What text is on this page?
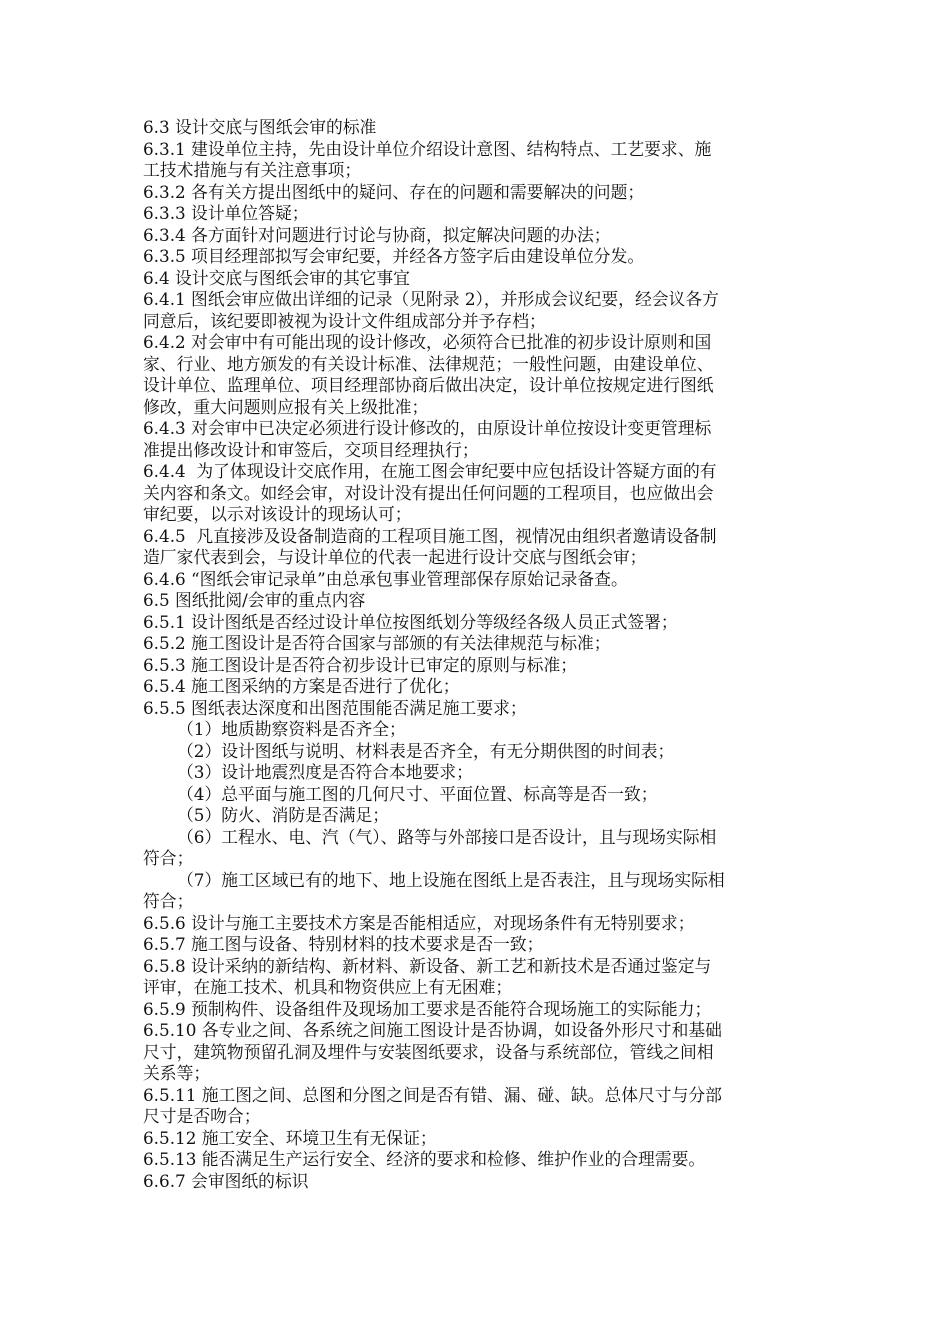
6.3 设计交底与图纸会审的标准
6.3.1 建设单位主持，先由设计单位介绍设计意图、结构特点、工艺要求、施
工技术措施与有关注意事项；
6.3.2 各有关方提出图纸中的疑问、存在的问题和需要解决的问题；
6.3.3 设计单位答疑；
6.3.4 各方面针对问题进行讨论与协商，拟定解决问题的办法；
6.3.5 项目经理部拟写会审纪要，并经各方签字后由建设单位分发。
6.4 设计交底与图纸会审的其它事宜
6.4.1 图纸会审应做出详细的记录（见附录 2），并形成会议纪要，经会议各方
同意后，该纪要即被视为设计文件组成部分并予存档；
6.4.2 对会审中有可能出现的设计修改，必须符合已批准的初步设计原则和国
家、行业、地方颁发的有关设计标准、法律规范；一般性问题，由建设单位、
设计单位、监理单位、项目经理部协商后做出决定，设计单位按规定进行图纸
修改，重大问题则应报有关上级批准；
6.4.3 对会审中已决定必须进行设计修改的，由原设计单位按设计变更管理标
准提出修改设计和审签后，交项目经理执行；
6.4.4  为了体现设计交底作用，在施工图会审纪要中应包括设计答疑方面的有
关内容和条文。如经会审，对设计没有提出任何问题的工程项目，也应做出会
审纪要，以示对该设计的现场认可；
6.4.5  凡直接涉及设备制造商的工程项目施工图，视情况由组织者邀请设备制
造厂家代表到会，与设计单位的代表一起进行设计交底与图纸会审；
6.4.6 “图纸会审记录单”由总承包事业管理部保存原始记录备查。
6.5 图纸批阅/会审的重点内容
6.5.1 设计图纸是否经过设计单位按图纸划分等级经各级人员正式签署；
6.5.2 施工图设计是否符合国家与部颁的有关法律规范与标准；
6.5.3 施工图设计是否符合初步设计已审定的原则与标准；
6.5.4 施工图采纳的方案是否进行了优化；
6.5.5 图纸表达深度和出图范围能否满足施工要求；
（1）地质勘察资料是否齐全；
（2）设计图纸与说明、材料表是否齐全，有无分期供图的时间表；
（3）设计地震烈度是否符合本地要求；
（4）总平面与施工图的几何尺寸、平面位置、标高等是否一致；
（5）防火、消防是否满足；
（6）工程水、电、汽（气）、路等与外部接口是否设计，且与现场实际相
符合；
（7）施工区域已有的地下、地上设施在图纸上是否表注，且与现场实际相
符合；
6.5.6 设计与施工主要技术方案是否能相适应，对现场条件有无特别要求；
6.5.7 施工图与设备、特别材料的技术要求是否一致；
6.5.8 设计采纳的新结构、新材料、新设备、新工艺和新技术是否通过鉴定与
评审，在施工技术、机具和物资供应上有无困难；
6.5.9 预制构件、设备组件及现场加工要求是否能符合现场施工的实际能力；
6.5.10 各专业之间、各系统之间施工图设计是否协调，如设备外形尺寸和基础
尺寸，建筑物预留孔洞及埋件与安装图纸要求，设备与系统部位，管线之间相
关系等；
6.5.11 施工图之间、总图和分图之间是否有错、漏、碰、缺。总体尺寸与分部
尺寸是否吻合；
6.5.12 施工安全、环境卫生有无保证；
6.5.13 能否满足生产运行安全、经济的要求和检修、维护作业的合理需要。
6.6.7 会审图纸的标识
